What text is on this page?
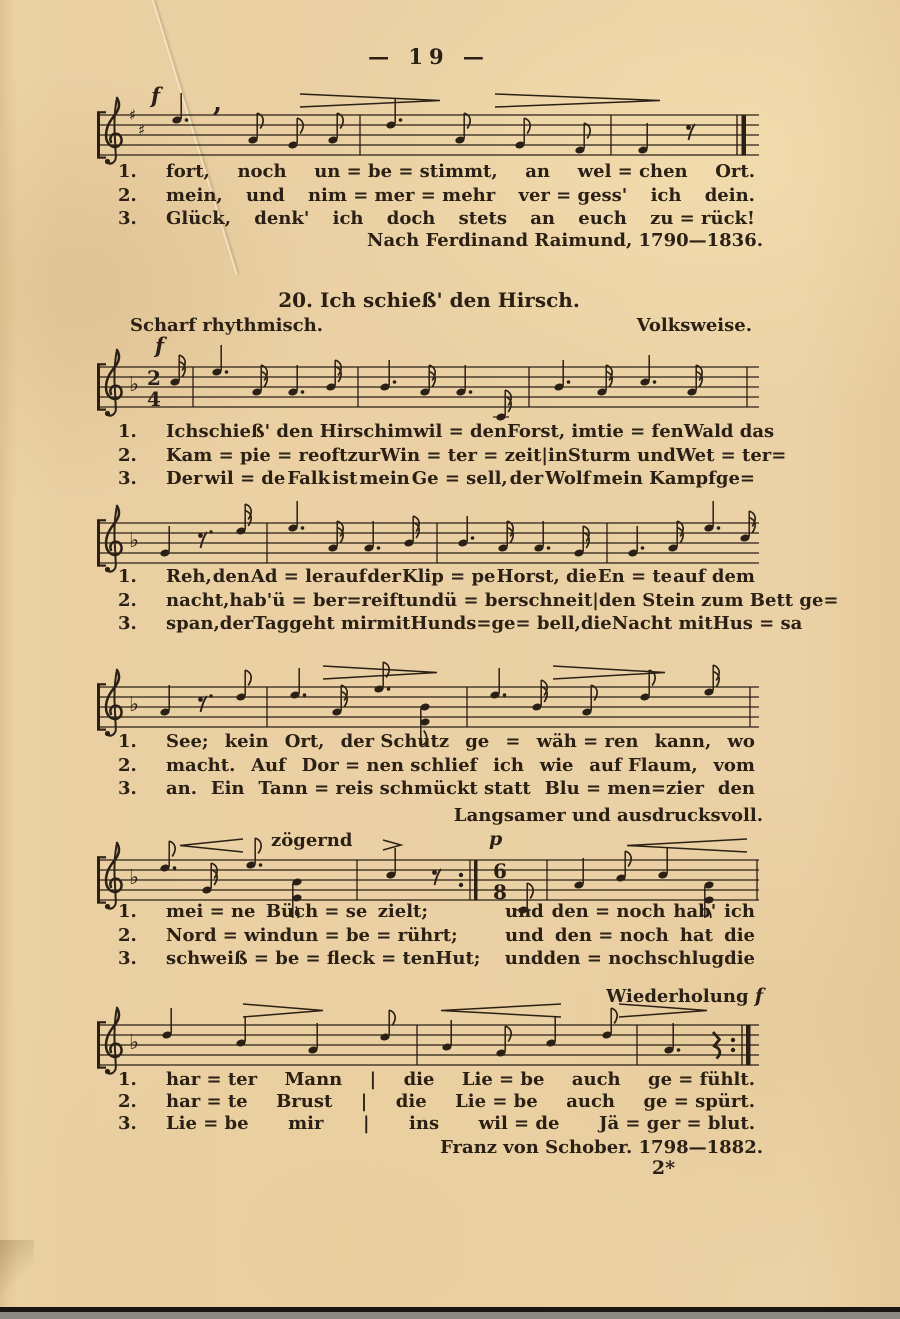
— 19 —
♯
♯
,
f
1.	fort, noch un = be = stimmt, an wel = chen Ort.
2.	mein, und nim = mer = mehr ver = gess' ich dein.
3.	Glück, denk' ich doch stets an euch zu = rück!
Nach Ferdinand Raimund, 1790—1836.
20. Ich schieß' den Hirsch.
Scharf rhythmisch.	Volksweise.
♭ 2
4
f
1.	Ich schieß' den Hirsch im wil = den Forst, im tie = fen Wald das
2.	Kam = pie = re oft zur Win = ter = zeit | in Sturm und Wet = ter=
3.	Der wil = de Falk ist mein Ge = sell, der Wolf mein Kampfge=
♭
1.	Reh, den Ad = ler auf der Klip = pe Horst, die En = te auf dem
2.	nacht, hab' ü = ber=reift und ü = berschneit | den Stein zum Bett ge=
3.	span, der Tag geht mir mit Hunds=ge= bell, die Nacht mit Hus = sa
♭
1.	See; kein Ort, der Schutz ge = wäh = ren kann, wo
2.	macht. Auf Dor = nen schlief ich wie auf Flaum, vom
3.	an. Ein Tann = reis schmückt statt Blu = men=zier den
Langsamer und ausdrucksvoll.
♭	6
8
zögernd	p
1.	mei = ne Büch = se zielt;	und den = noch hab' ich
2.	Nord = wind un = be = rührt;	und den = noch hat die
3.	schweiß = be = fleck = ten Hut; und den = noch schlug die
Wiederholung f
♭
1.	har = ter Mann | die Lie = be auch ge = fühlt.
2.	har = te Brust | die Lie = be auch ge = spürt.
3.	Lie = be mir | ins wil = de Jä = ger = blut.
Franz von Schober. 1798—1882.
2*
